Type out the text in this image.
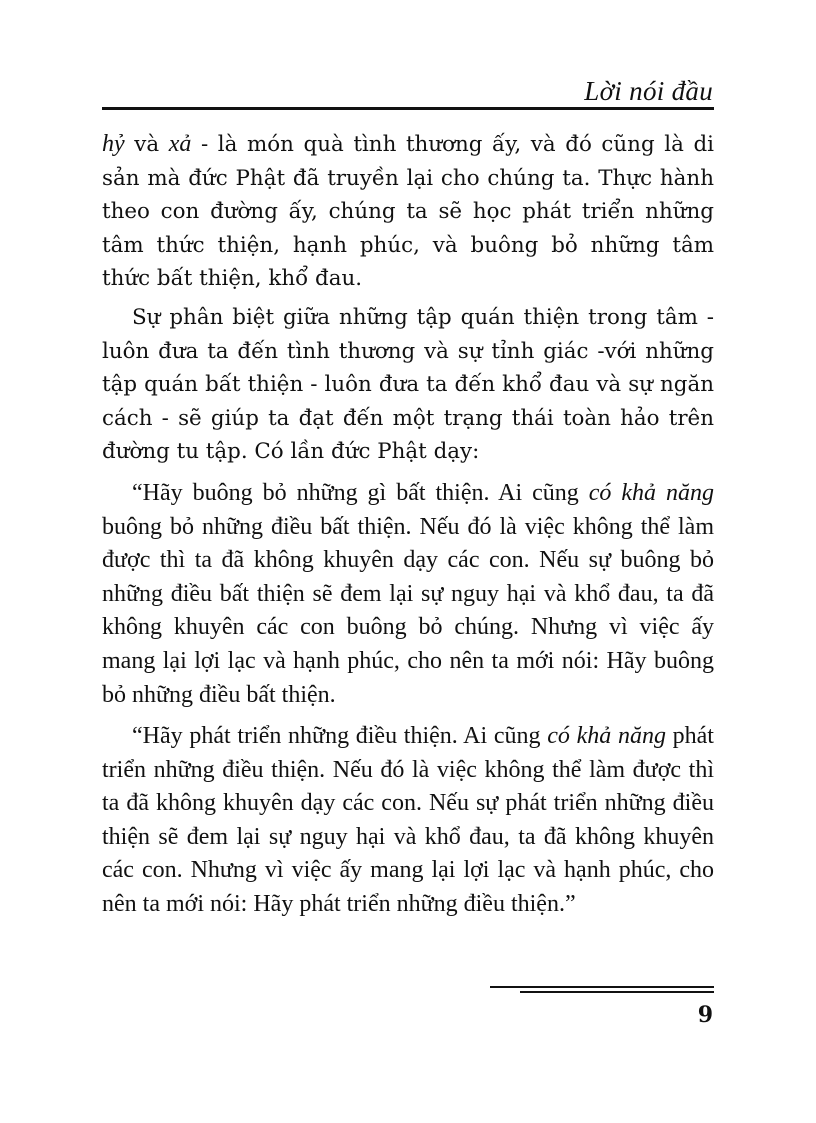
Lời nói đầu

hỷ và xả - là món quà tình thương ấy, và đó cũng là di sản mà đức Phật đã truyền lại cho chúng ta. Thực hành theo con đường ấy, chúng ta sẽ học phát triển những tâm thức thiện, hạnh phúc, và buông bỏ những tâm thức bất thiện, khổ đau.

Sự phân biệt giữa những tập quán thiện trong tâm - luôn đưa ta đến tình thương và sự tỉnh giác -với những tập quán bất thiện - luôn đưa ta đến khổ đau và sự ngăn cách - sẽ giúp ta đạt đến một trạng thái toàn hảo trên đường tu tập. Có lần đức Phật dạy:

“Hãy buông bỏ những gì bất thiện. Ai cũng có khả năng buông bỏ những điều bất thiện. Nếu đó là việc không thể làm được thì ta đã không khuyên dạy các con. Nếu sự buông bỏ những điều bất thiện sẽ đem lại sự nguy hại và khổ đau, ta đã không khuyên các con buông bỏ chúng. Nhưng vì việc ấy mang lại lợi lạc và hạnh phúc, cho nên ta mới nói: Hãy buông bỏ những điều bất thiện.

“Hãy phát triển những điều thiện. Ai cũng có khả năng phát triển những điều thiện. Nếu đó là việc không thể làm được thì ta đã không khuyên dạy các con. Nếu sự phát triển những điều thiện sẽ đem lại sự nguy hại và khổ đau, ta đã không khuyên các con. Nhưng vì việc ấy mang lại lợi lạc và hạnh phúc, cho nên ta mới nói: Hãy phát triển những điều thiện.”

9
